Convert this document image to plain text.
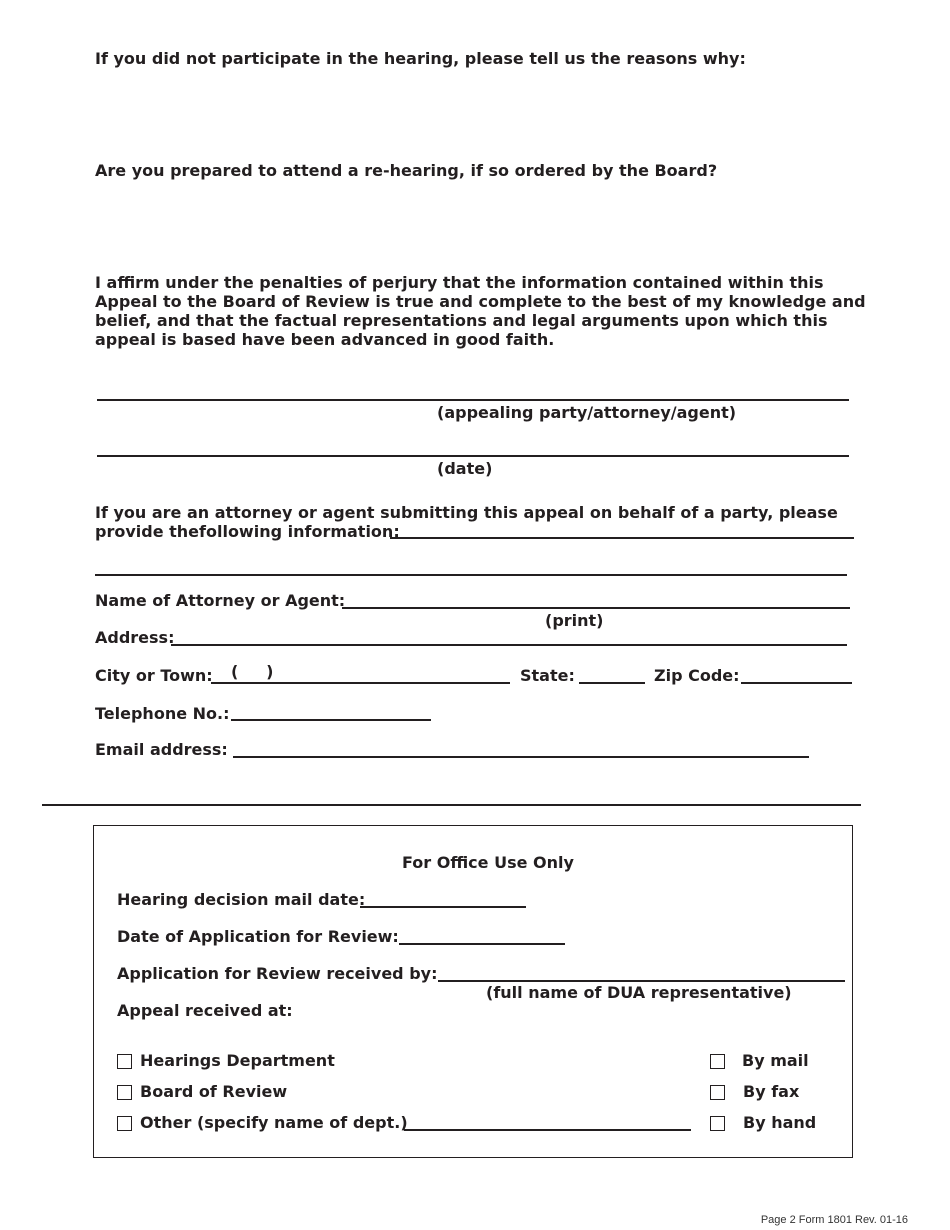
If you did not participate in the hearing, please tell us the reasons why:
Are you prepared to attend a re-hearing, if so ordered by the Board?
I affirm under the penalties of perjury that the information contained within this Appeal to the Board of Review is true and complete to the best of my knowledge and belief, and that the factual representations and legal arguments upon which this appeal is based have been advanced in good faith.
(appealing party/attorney/agent)
(date)
If you are an attorney or agent submitting this appeal on behalf of a party, please
provide thefollowing information:
Name of Attorney or Agent:
(print)
Address:
City or Town: (     )	State:	Zip Code:
Telephone No.:
Email address:
For Office Use Only
Hearing decision mail date:
Date of Application for Review:
Application for Review received by:
(full name of DUA representative)
Appeal received at:
Hearings Department
Board of Review
Other (specify name of dept.)
By mail
By fax
By hand
Page 2 Form 1801 Rev. 01-16
